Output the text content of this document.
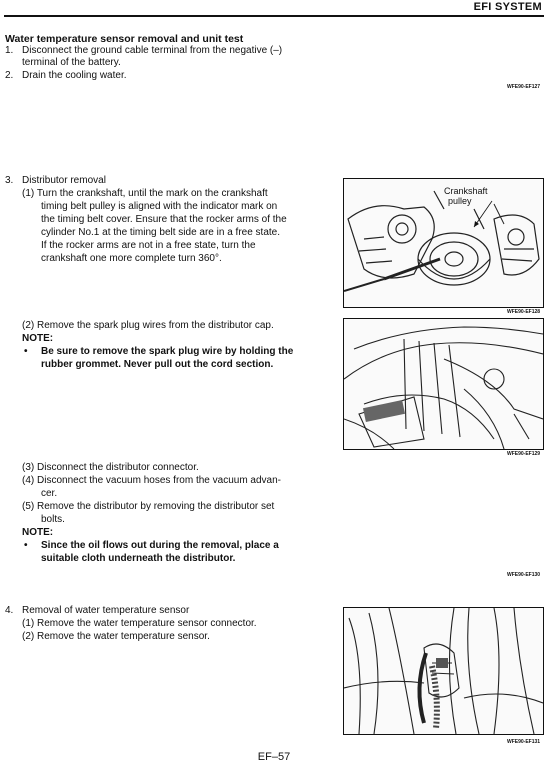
EFI SYSTEM
Water temperature sensor removal and unit test
1. Disconnect the ground cable terminal from the negative (–)
terminal of the battery.
2. Drain the cooling water.
WFE90-EF127
3. Distributor removal
(1) Turn the crankshaft, until the mark on the crankshaft
timing belt pulley is aligned with the indicator mark on
the timing belt cover. Ensure that the rocker arms of the
cylinder No.1 at the timing belt side are in a free state.
If the rocker arms are not in a free state, turn the
crankshaft one more complete turn 360°.
Crankshaft
pulley
WFE90-EF128
(2) Remove the spark plug wires from the distributor cap.
NOTE:
• Be sure to remove the spark plug wire by holding the
rubber grommet. Never pull out the cord section.
WFE90-EF129
(3) Disconnect the distributor connector.
(4) Disconnect the vacuum hoses from the vacuum advan-
cer.
(5) Remove the distributor by removing the distributor set
bolts.
NOTE:
• Since the oil flows out during the removal, place a
suitable cloth underneath the distributor.
WFE90-EF130
4. Removal of water temperature sensor
(1) Remove the water temperature sensor connector.
(2) Remove the water temperature sensor.
WFE90-EF131
EF–57
